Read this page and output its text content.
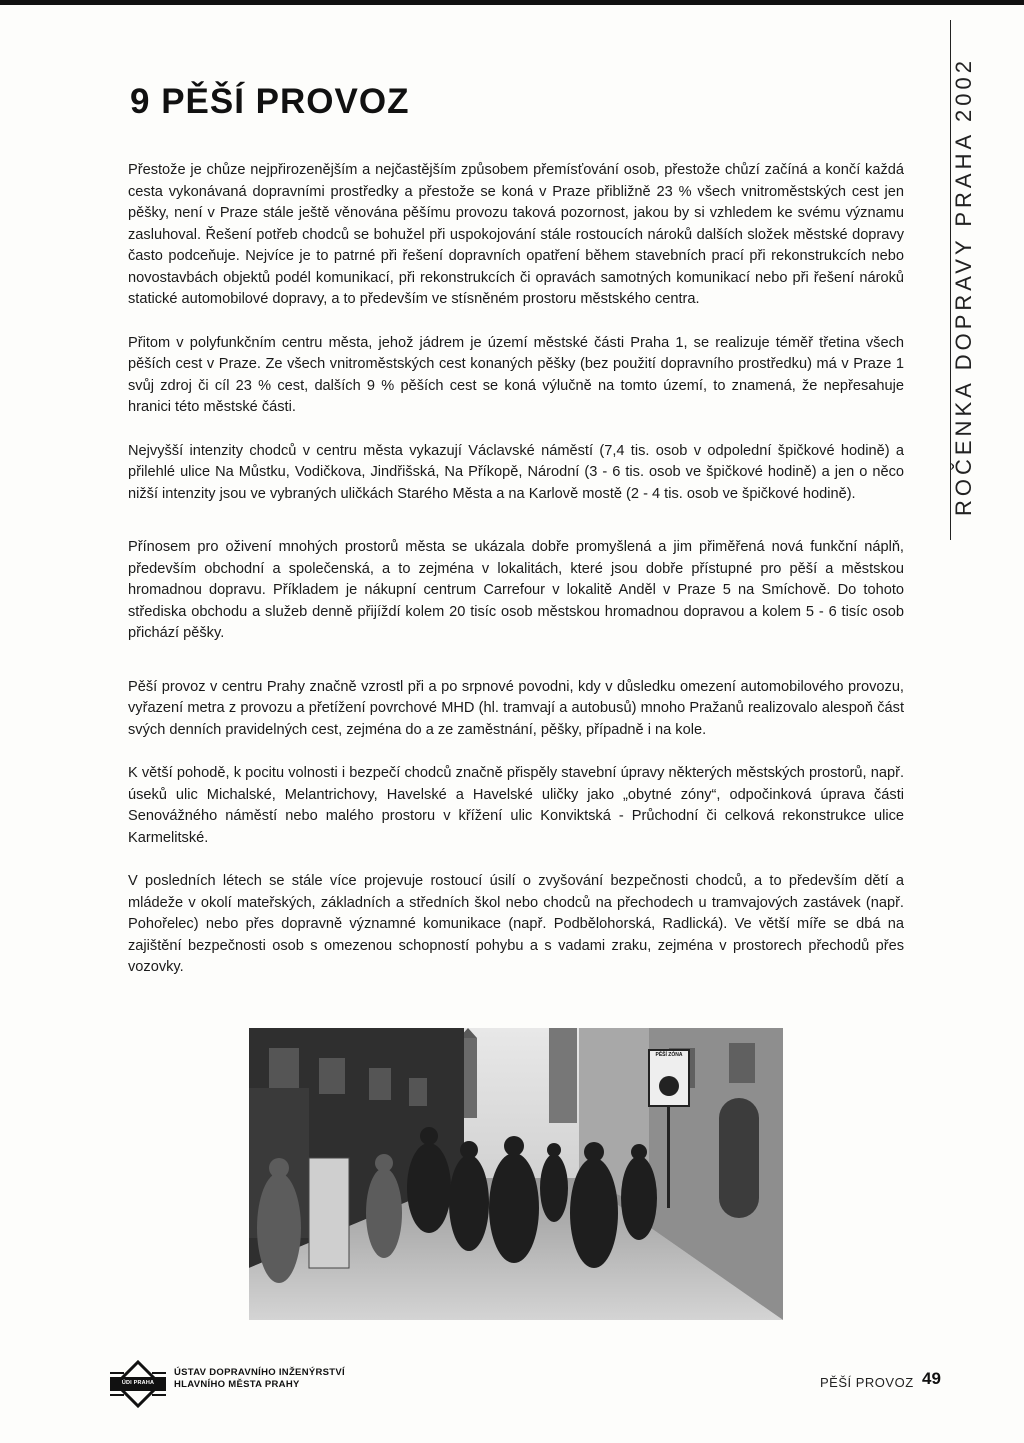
ROČENKA DOPRAVY PRAHA 2002
9 PĚŠÍ PROVOZ

Přestože je chůze nejpřirozenějším a nejčastějším způsobem přemísťování osob, přestože chůzí začíná a končí každá cesta vykonávaná dopravními prostředky a přestože se koná v Praze přibližně 23 % všech vnitroměstských cest jen pěšky, není v Praze stále ještě věnována pěšímu provozu taková pozornost, jakou by si vzhledem ke svému významu zasluhoval. Řešení potřeb chodců se bohužel při uspokojování stále rostoucích nároků dalších složek městské dopravy často podceňuje. Nejvíce je to patrné při řešení dopravních opatření během stavebních prací při rekonstrukcích nebo novostavbách objektů podél komunikací, při rekonstrukcích či opravách samotných komunikací nebo při řešení nároků statické automobilové dopravy, a to především ve stísněném prostoru městského centra.

Přitom v polyfunkčním centru města, jehož jádrem je území městské části Praha 1, se realizuje téměř třetina všech pěších cest v Praze. Ze všech vnitroměstských cest konaných pěšky (bez použití dopravního prostředku) má v Praze 1 svůj zdroj či cíl 23 % cest, dalších 9 % pěších cest se koná výlučně na tomto území, to znamená, že nepřesahuje hranici této městské části.

Nejvyšší intenzity chodců v centru města vykazují Václavské náměstí (7,4 tis. osob v odpolední špičkové hodině) a přilehlé ulice Na Můstku, Vodičkova, Jindřišská, Na Příkopě, Národní (3 - 6 tis. osob ve špičkové hodině) a jen o něco nižší intenzity jsou ve vybraných uličkách Starého Města a na Karlově mostě (2 - 4 tis. osob ve špičkové hodině).

Přínosem pro oživení mnohých prostorů města se ukázala dobře promyšlená a jim přiměřená nová funkční náplň, především obchodní a společenská, a to zejména v lokalitách, které jsou dobře přístupné pro pěší a městskou hromadnou dopravu. Příkladem je nákupní centrum Carrefour v lokalitě Anděl v Praze 5 na Smíchově. Do tohoto střediska obchodu a služeb denně přijíždí kolem 20 tisíc osob městskou hromadnou dopravou a kolem 5 - 6 tisíc osob přichází pěšky.

Pěší provoz v centru Prahy značně vzrostl při a po srpnové povodni, kdy v důsledku omezení automobilového provozu, vyřazení metra z provozu a přetížení povrchové MHD (hl. tramvají a autobusů) mnoho Pražanů realizovalo alespoň část svých denních pravidelných cest, zejména do a ze zaměstnání, pěšky, případně i na kole.

K větší pohodě, k pocitu volnosti i bezpečí chodců značně přispěly stavební úpravy některých městských prostorů, např. úseků ulic Michalské, Melantrichovy, Havelské a Havelské uličky jako „obytné zóny“, odpočinková úprava části Senovážného náměstí nebo malého prostoru v křížení ulic Konviktská - Průchodní či celková rekonstrukce ulice Karmelitské.

V posledních létech se stále více projevuje rostoucí úsilí o zvyšování bezpečnosti chodců, a to především dětí a mládeže v okolí mateřských, základních a středních škol nebo chodců na přechodech u tramvajových zastávek (např. Pohořelec) nebo přes dopravně významné komunikace (např. Podbělohorská, Radlická). Ve větší míře se dbá na zajištění bezpečnosti osob s omezenou schopností pohybu a s vadami zraku, zejména v prostorech přechodů přes vozovky.

PĚŠÍ ZÓNA
ÚDI PRAHA
ÚSTAV DOPRAVNÍHO INŽENÝRSTVÍ
HLAVNÍHO MĚSTA PRAHY	PĚŠÍ PROVOZ 49
